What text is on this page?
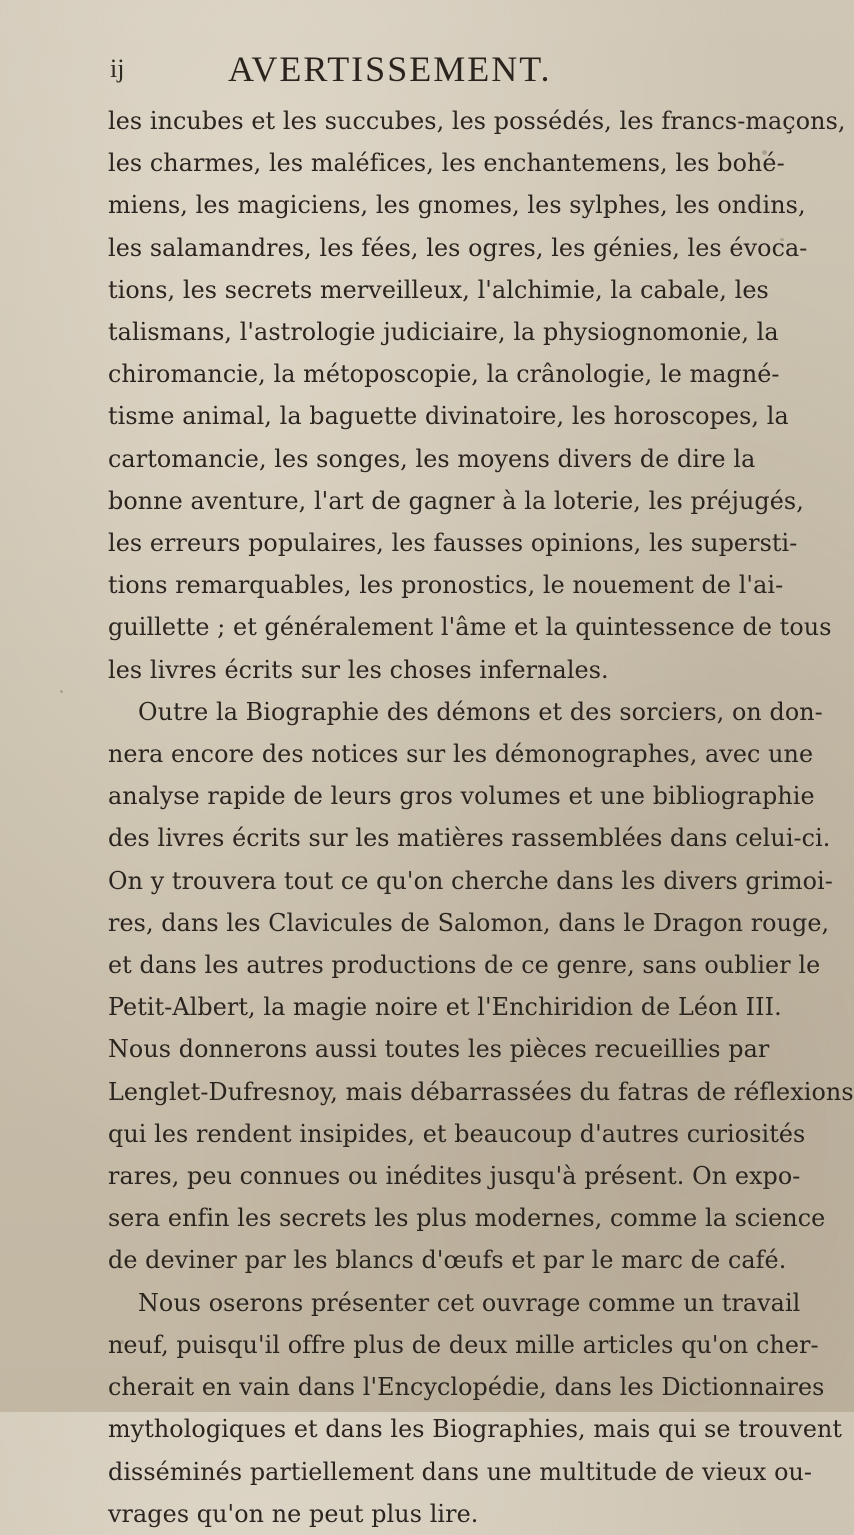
ij	AVERTISSEMENT.

les incubes et les succubes, les possédés, les francs-maçons,
les charmes, les maléfices, les enchantemens, les bohé-
miens, les magiciens, les gnomes, les sylphes, les ondins,
les salamandres, les fées, les ogres, les génies, les évoca-
tions, les secrets merveilleux, l'alchimie, la cabale, les
talismans, l'astrologie judiciaire, la physiognomonie, la
chiromancie, la métoposcopie, la crânologie, le magné-
tisme animal, la baguette divinatoire, les horoscopes, la
cartomancie, les songes, les moyens divers de dire la
bonne aventure, l'art de gagner à la loterie, les préjugés,
les erreurs populaires, les fausses opinions, les supersti-
tions remarquables, les pronostics, le nouement de l'ai-
guillette ; et généralement l'âme et la quintessence de tous
les livres écrits sur les choses infernales.

Outre la Biographie des démons et des sorciers, on don-
nera encore des notices sur les démonographes, avec une
analyse rapide de leurs gros volumes et une bibliographie
des livres écrits sur les matières rassemblées dans celui-ci.
On y trouvera tout ce qu'on cherche dans les divers grimoi-
res, dans les Clavicules de Salomon, dans le Dragon rouge,
et dans les autres productions de ce genre, sans oublier le
Petit-Albert, la magie noire et l'Enchiridion de Léon III.
Nous donnerons aussi toutes les pièces recueillies par
Lenglet-Dufresnoy, mais débarrassées du fatras de réflexions
qui les rendent insipides, et beaucoup d'autres curiosités
rares, peu connues ou inédites jusqu'à présent. On expo-
sera enfin les secrets les plus modernes, comme la science
de deviner par les blancs d'œufs et par le marc de café.

Nous oserons présenter cet ouvrage comme un travail
neuf, puisqu'il offre plus de deux mille articles qu'on cher-
cherait en vain dans l'Encyclopédie, dans les Dictionnaires
mythologiques et dans les Biographies, mais qui se trouvent
disséminés partiellement dans une multitude de vieux ou-
vrages qu'on ne peut plus lire.
